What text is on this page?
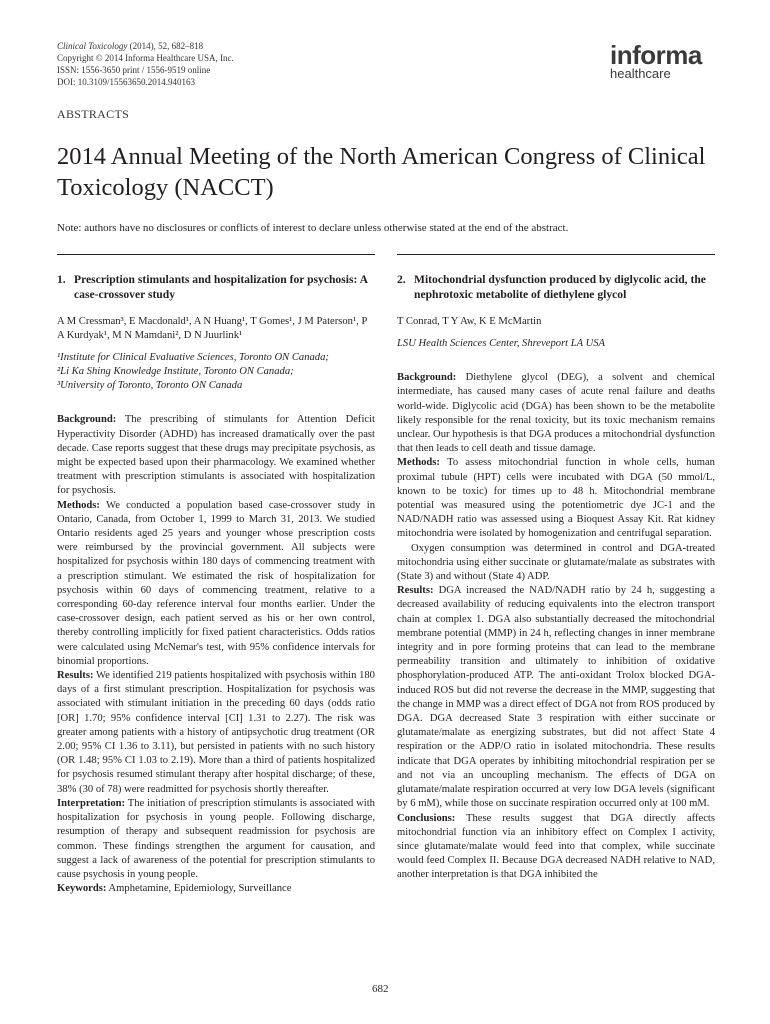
Clinical Toxicology (2014), 52, 682–818
Copyright © 2014 Informa Healthcare USA, Inc.
ISSN: 1556-3650 print / 1556-9519 online
DOI: 10.3109/15563650.2014.940163
informa
healthcare
ABSTRACTS
2014 Annual Meeting of the North American Congress of Clinical Toxicology (NACCT)
Note: authors have no disclosures or conflicts of interest to declare unless otherwise stated at the end of the abstract.
1. Prescription stimulants and hospitalization for psychosis: A case-crossover study
A M Cressman³, E Macdonald¹, A N Huang¹, T Gomes¹, J M Paterson¹, P A Kurdyak¹, M N Mamdani², D N Juurlink¹
¹Institute for Clinical Evaluative Sciences, Toronto ON Canada;
²Li Ka Shing Knowledge Institute, Toronto ON Canada;
³University of Toronto, Toronto ON Canada

Background: The prescribing of stimulants for Attention Deficit Hyperactivity Disorder (ADHD) has increased dramatically over the past decade. Case reports suggest that these drugs may precipitate psychosis, as might be expected based upon their pharmacology. We examined whether treatment with prescription stimulants is associated with hospitalization for psychosis.

Methods: We conducted a population based case-crossover study in Ontario, Canada, from October 1, 1999 to March 31, 2013. We studied Ontario residents aged 25 years and younger whose prescription costs were reimbursed by the provincial government. All subjects were hospitalized for psychosis within 180 days of commencing treatment with a prescription stimulant. We estimated the risk of hospitalization for psychosis within 60 days of commencing treatment, relative to a corresponding 60-day reference interval four months earlier. Under the case-crossover design, each patient served as his or her own control, thereby controlling implicitly for fixed patient characteristics. Odds ratios were calculated using McNemar's test, with 95% confidence intervals for binomial proportions.

Results: We identified 219 patients hospitalized with psychosis within 180 days of a first stimulant prescription. Hospitalization for psychosis was associated with stimulant initiation in the preceding 60 days (odds ratio [OR] 1.70; 95% confidence interval [CI] 1.31 to 2.27). The risk was greater among patients with a history of antipsychotic drug treatment (OR 2.00; 95% CI 1.36 to 3.11), but persisted in patients with no such history (OR 1.48; 95% CI 1.03 to 2.19). More than a third of patients hospitalized for psychosis resumed stimulant therapy after hospital discharge; of these, 38% (30 of 78) were readmitted for psychosis shortly thereafter.

Interpretation: The initiation of prescription stimulants is associated with hospitalization for psychosis in young people. Following discharge, resumption of therapy and subsequent readmission for psychosis are common. These findings strengthen the argument for causation, and suggest a lack of awareness of the potential for prescription stimulants to cause psychosis in young people.

Keywords: Amphetamine, Epidemiology, Surveillance

2. Mitochondrial dysfunction produced by diglycolic acid, the nephrotoxic metabolite of diethylene glycol
T Conrad, T Y Aw, K E McMartin
LSU Health Sciences Center, Shreveport LA USA

Background: Diethylene glycol (DEG), a solvent and chemical intermediate, has caused many cases of acute renal failure and deaths world-wide. Diglycolic acid (DGA) has been shown to be the metabolite likely responsible for the renal toxicity, but its toxic mechanism remains unclear. Our hypothesis is that DGA produces a mitochondrial dysfunction that then leads to cell death and tissue damage.

Methods: To assess mitochondrial function in whole cells, human proximal tubule (HPT) cells were incubated with DGA (50 mmol/L, known to be toxic) for times up to 48 h. Mitochondrial membrane potential was measured using the potentiometric dye JC-1 and the NAD/NADH ratio was assessed using a Bioquest Assay Kit. Rat kidney mitochondria were isolated by homogenization and centrifugal separation.

Oxygen consumption was determined in control and DGA-treated mitochondria using either succinate or glutamate/malate as substrates with (State 3) and without (State 4) ADP.

Results: DGA increased the NAD/NADH ratio by 24 h, suggesting a decreased availability of reducing equivalents into the electron transport chain at complex 1. DGA also substantially decreased the mitochondrial membrane potential (MMP) in 24 h, reflecting changes in inner membrane integrity and in pore forming proteins that can lead to the membrane permeability transition and ultimately to inhibition of oxidative phosphorylation-produced ATP. The anti-oxidant Trolox blocked DGA-induced ROS but did not reverse the decrease in the MMP, suggesting that the change in MMP was a direct effect of DGA not from ROS produced by DGA. DGA decreased State 3 respiration with either succinate or glutamate/malate as energizing substrates, but did not affect State 4 respiration or the ADP/O ratio in isolated mitochondria. These results indicate that DGA operates by inhibiting mitochondrial respiration per se and not via an uncoupling mechanism. The effects of DGA on glutamate/malate respiration occurred at very low DGA levels (significant by 6 mM), while those on succinate respiration occurred only at 100 mM.

Conclusions: These results suggest that DGA directly affects mitochondrial function via an inhibitory effect on Complex I activity, since glutamate/malate would feed into that complex, while succinate would feed Complex II. Because DGA decreased NADH relative to NAD, another interpretation is that DGA inhibited the

682
